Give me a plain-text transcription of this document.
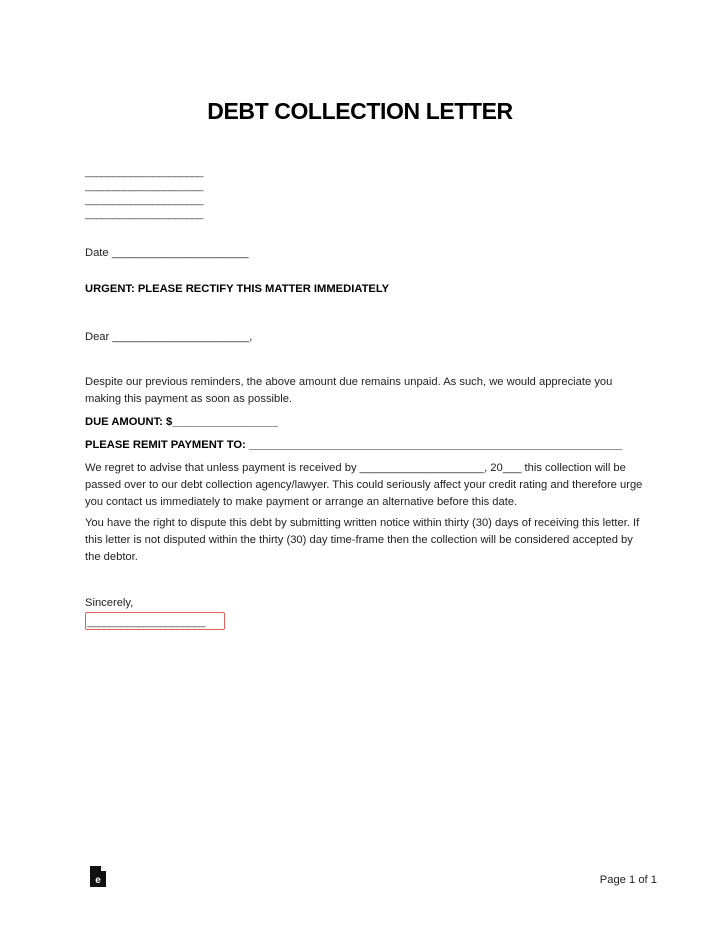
DEBT COLLECTION LETTER
_____________________
_____________________
_____________________
_____________________
Date ______________________
URGENT: PLEASE RECTIFY THIS MATTER IMMEDIATELY
Dear ______________________,
Despite our previous reminders, the above amount due remains unpaid. As such, we would appreciate you making this payment as soon as possible.
DUE AMOUNT: $_________________
PLEASE REMIT PAYMENT TO: ____________________________________________________________
We regret to advise that unless payment is received by ____________________, 20___ this collection will be passed over to our debt collection agency/lawyer. This could seriously affect your credit rating and therefore urge you contact us immediately to make payment or arrange an alternative before this date.
You have the right to dispute this debt by submitting written notice within thirty (30) days of receiving this letter. If this letter is not disputed within the thirty (30) day time-frame then the collection will be considered accepted by the debtor.
Sincerely,
_____________________
e	Page 1 of 1
